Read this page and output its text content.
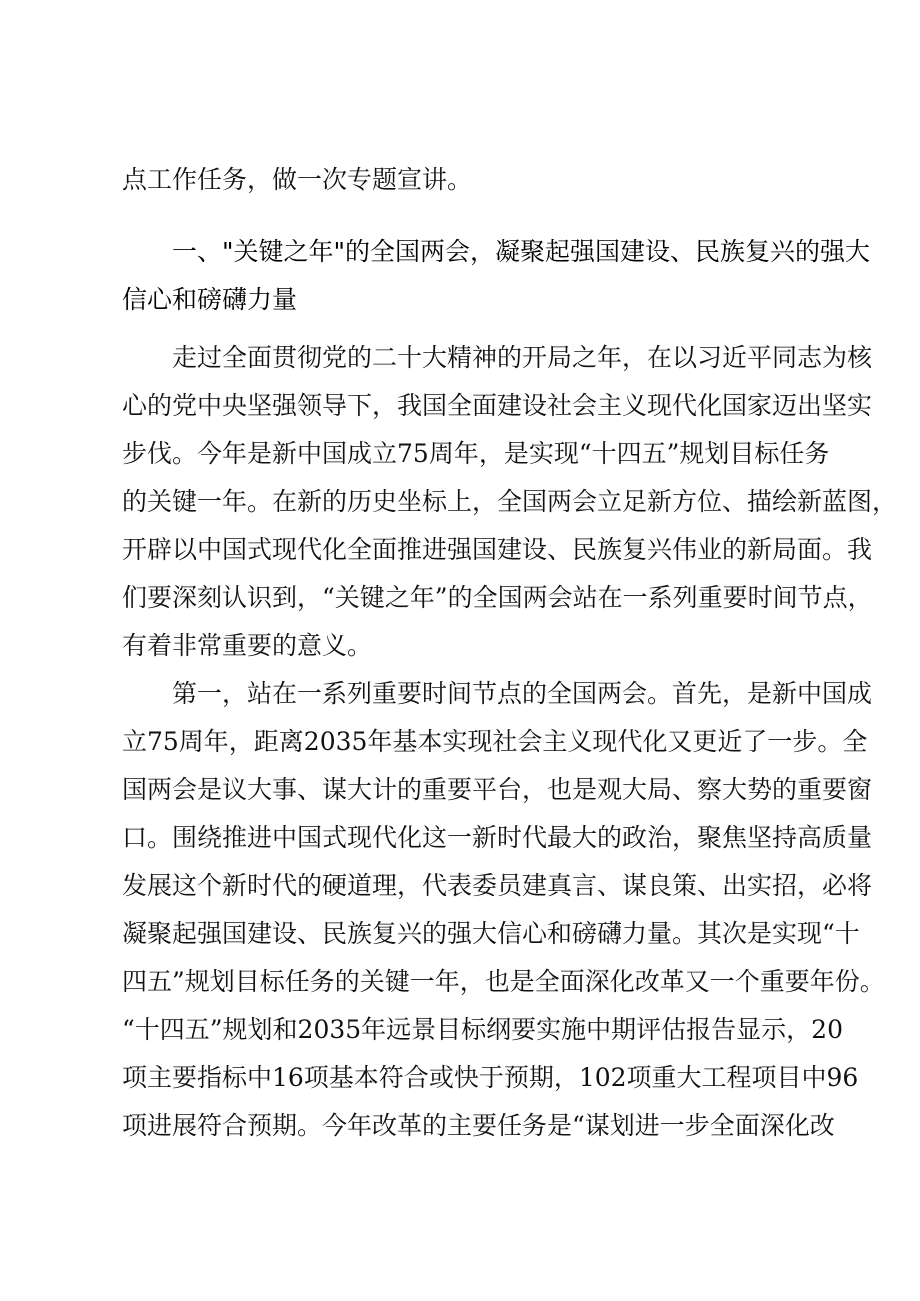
点工作任务，做一次专题宣讲。
一、"关键之年"的全国两会，凝聚起强国建设、民族复兴的强大
信心和磅礴力量
走过全面贯彻党的二十大精神的开局之年，在以习近平同志为核
心的党中央坚强领导下，我国全面建设社会主义现代化国家迈出坚实
步伐。今年是新中国成立75周年，是实现“十四五”规划目标任务
的关键一年。在新的历史坐标上，全国两会立足新方位、描绘新蓝图，
开辟以中国式现代化全面推进强国建设、民族复兴伟业的新局面。我
们要深刻认识到，“关键之年”的全国两会站在一系列重要时间节点，
有着非常重要的意义。
第一，站在一系列重要时间节点的全国两会。首先，是新中国成
立75周年，距离2035年基本实现社会主义现代化又更近了一步。全
国两会是议大事、谋大计的重要平台，也是观大局、察大势的重要窗
口。围绕推进中国式现代化这一新时代最大的政治，聚焦坚持高质量
发展这个新时代的硬道理，代表委员建真言、谋良策、出实招，必将
凝聚起强国建设、民族复兴的强大信心和磅礴力量。其次是实现“十
四五”规划目标任务的关键一年，也是全面深化改革又一个重要年份。
“十四五”规划和2035年远景目标纲要实施中期评估报告显示，20
项主要指标中16项基本符合或快于预期，102项重大工程项目中96
项进展符合预期。今年改革的主要任务是“谋划进一步全面深化改
